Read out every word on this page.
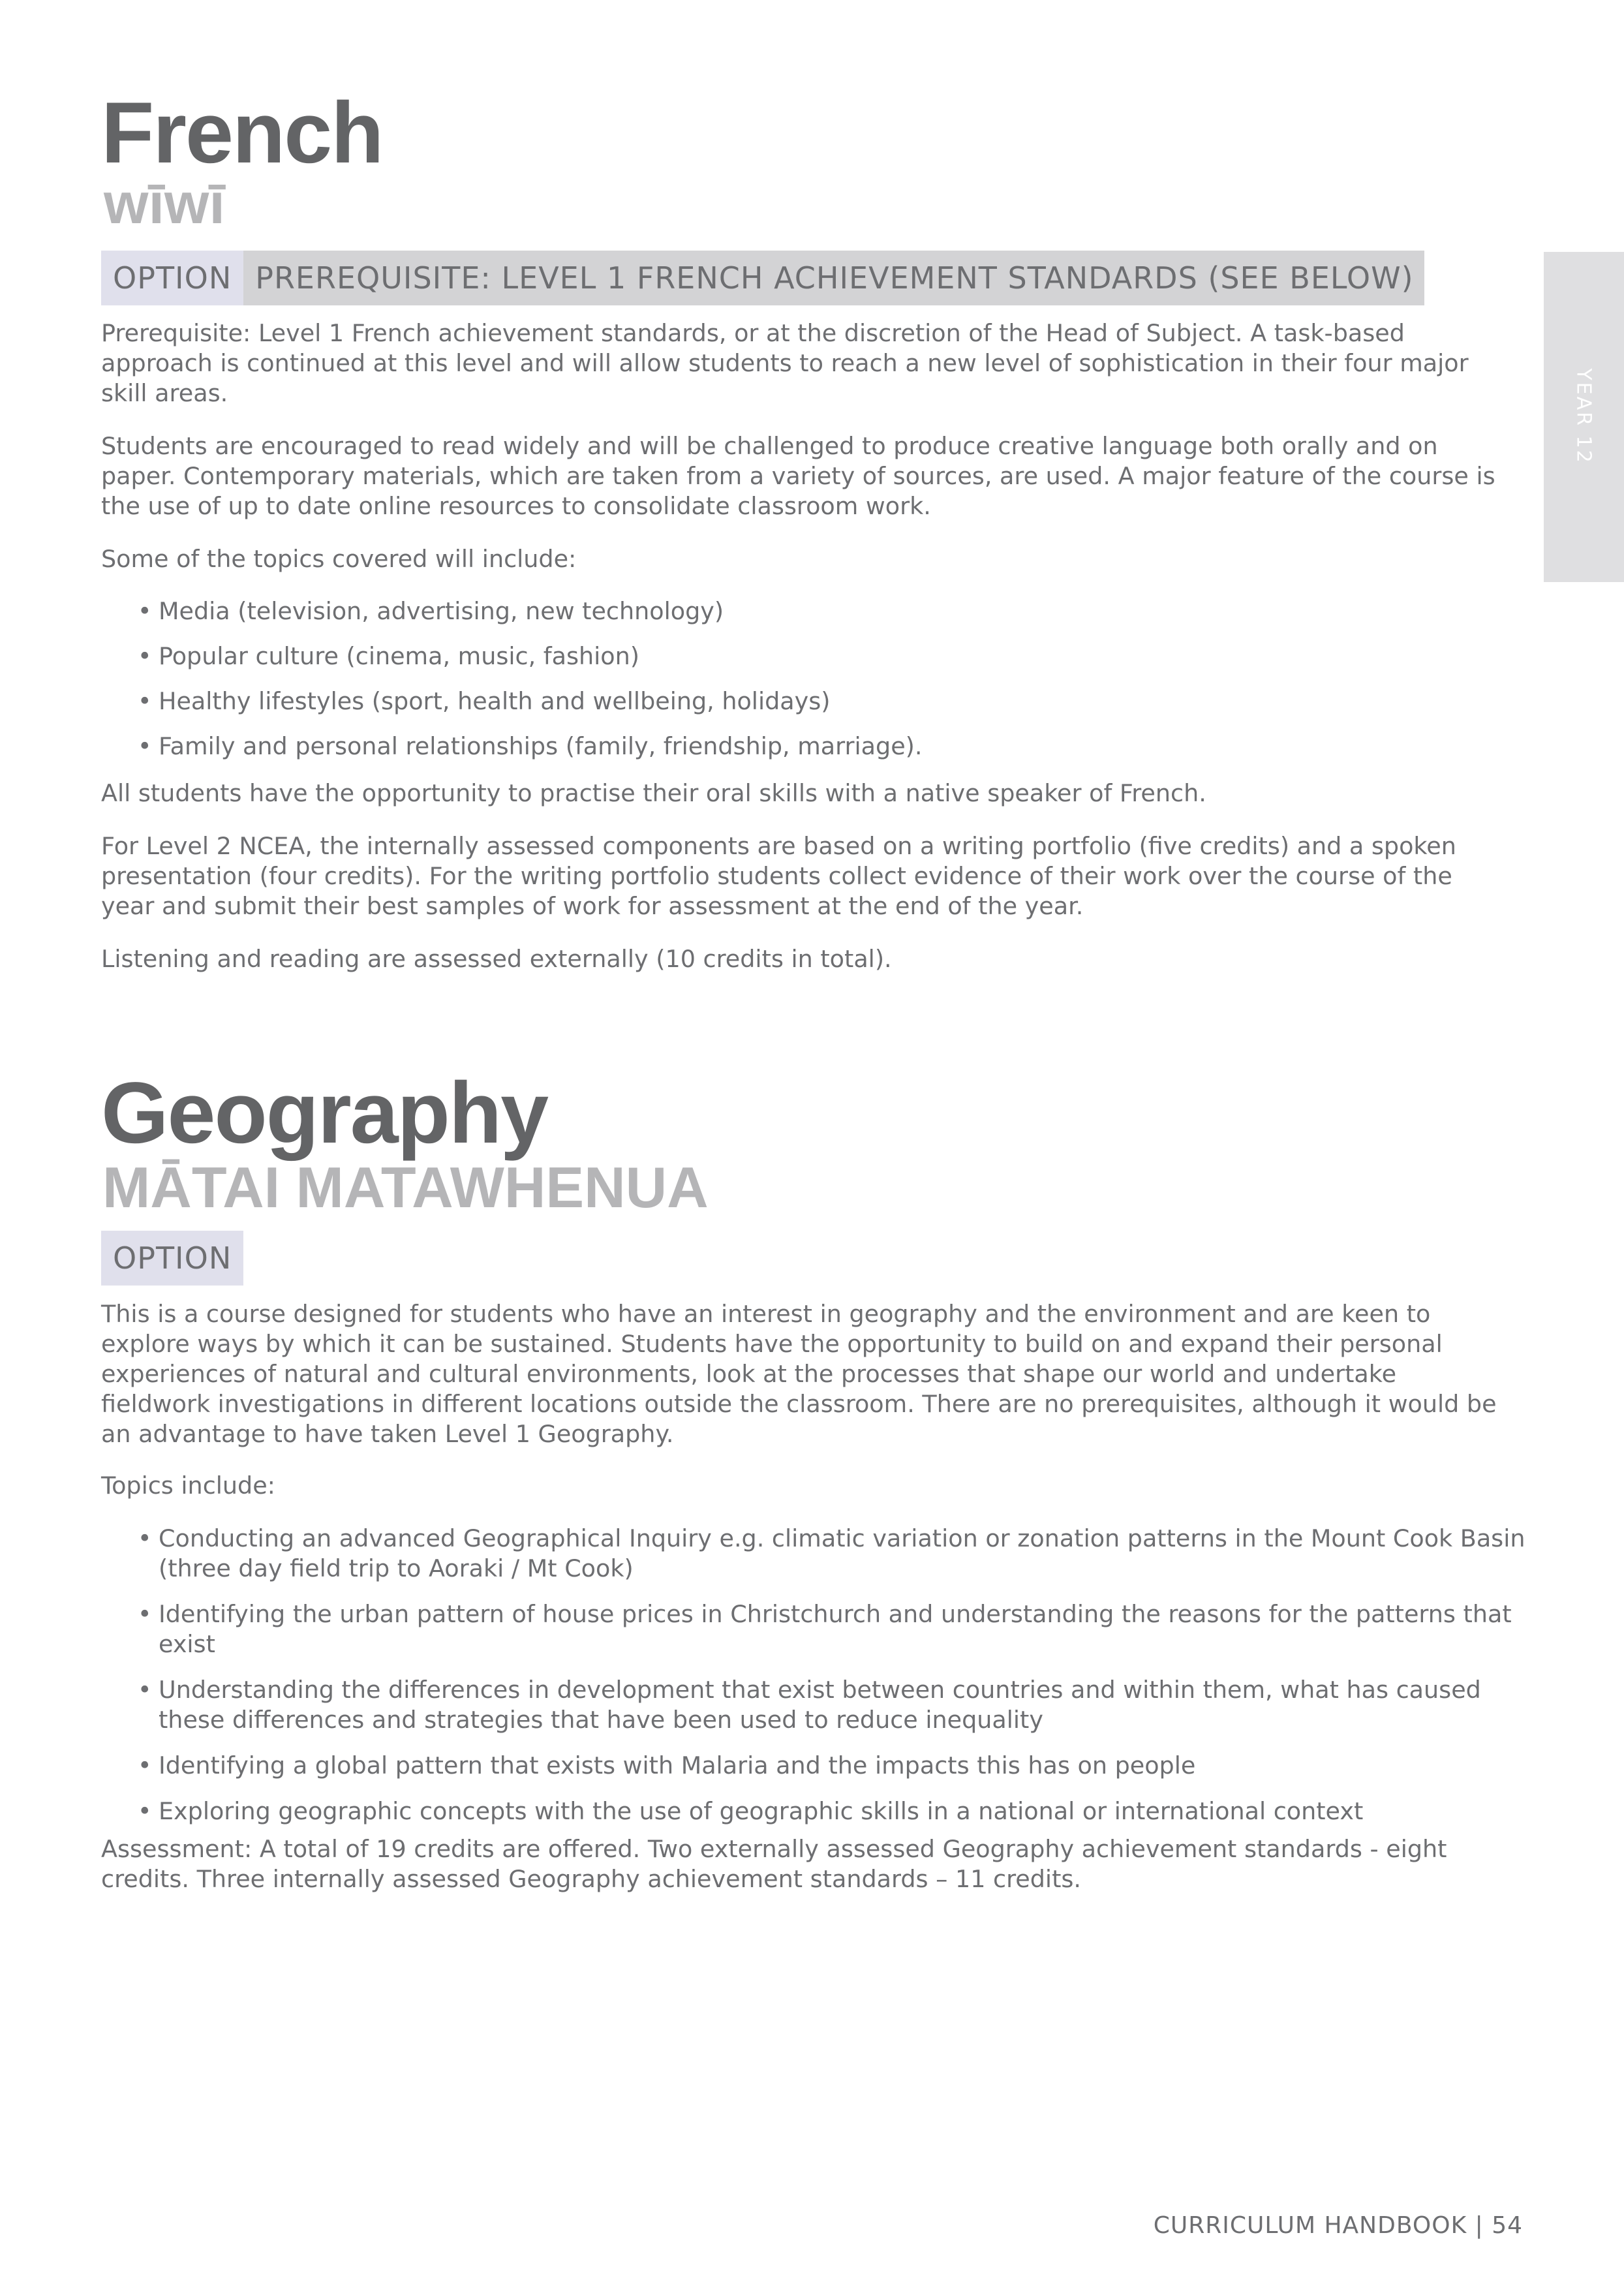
YEAR 12
French
wīwī
OPTION PREREQUISITE: LEVEL 1 FRENCH ACHIEVEMENT STANDARDS (SEE BELOW)

Prerequisite: Level 1 French achievement standards, or at the discretion of the Head of Subject. A task-based
approach is continued at this level and will allow students to reach a new level of sophistication in their four major
skill areas.

Students are encouraged to read widely and will be challenged to produce creative language both orally and on
paper. Contemporary materials, which are taken from a variety of sources, are used. A major feature of the course is
the use of up to date online resources to consolidate classroom work.

Some of the topics covered will include:

• Media (television, advertising, new technology)
• Popular culture (cinema, music, fashion)
• Healthy lifestyles (sport, health and wellbeing, holidays)
• Family and personal relationships (family, friendship, marriage).

All students have the opportunity to practise their oral skills with a native speaker of French.

For Level 2 NCEA, the internally assessed components are based on a writing portfolio (five credits) and a spoken
presentation (four credits). For the writing portfolio students collect evidence of their work over the course of the
year and submit their best samples of work for assessment at the end of the year.

Listening and reading are assessed externally (10 credits in total).

Geography
MĀTAI MATAWHENUA
OPTION

This is a course designed for students who have an interest in geography and the environment and are keen to
explore ways by which it can be sustained. Students have the opportunity to build on and expand their personal
experiences of natural and cultural environments, look at the processes that shape our world and undertake
fieldwork investigations in different locations outside the classroom. There are no prerequisites, although it would be
an advantage to have taken Level 1 Geography.

Topics include:

• Conducting an advanced Geographical Inquiry e.g. climatic variation or zonation patterns in the Mount Cook Basin
(three day field trip to Aoraki / Mt Cook)
• Identifying the urban pattern of house prices in Christchurch and understanding the reasons for the patterns that
exist
• Understanding the differences in development that exist between countries and within them, what has caused
these differences and strategies that have been used to reduce inequality
• Identifying a global pattern that exists with Malaria and the impacts this has on people
• Exploring geographic concepts with the use of geographic skills in a national or international context

Assessment: A total of 19 credits are offered. Two externally assessed Geography achievement standards - eight
credits. Three internally assessed Geography achievement standards – 11 credits.

CURRICULUM HANDBOOK | 54
